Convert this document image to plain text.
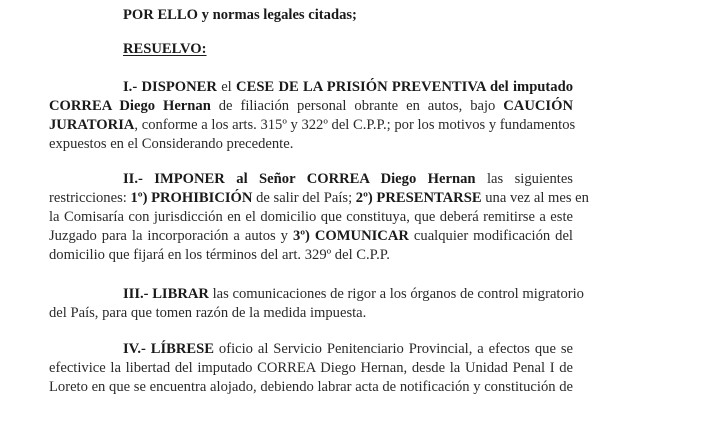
POR ELLO y normas legales citadas;
RESUELVO:
I.- DISPONER el CESE DE LA PRISIÓN PREVENTIVA del imputado
CORREA Diego Hernan de filiación personal obrante en autos, bajo CAUCIÓN
JURATORIA, conforme a los arts. 315º y 322º del C.P.P.; por los motivos y fundamentos
expuestos en el Considerando precedente.
II.- IMPONER al Señor CORREA Diego Hernan las siguientes
restricciones: 1º) PROHIBICIÓN de salir del País; 2º) PRESENTARSE una vez al mes en
la Comisaría con jurisdicción en el domicilio que constituya, que deberá remitirse a este
Juzgado para la incorporación a autos y 3º) COMUNICAR cualquier modificación del
domicilio que fijará en los términos del art. 329º del C.P.P.
III.- LIBRAR las comunicaciones de rigor a los órganos de control migratorio
del País, para que tomen razón de la medida impuesta.
IV.- LÍBRESE oficio al Servicio Penitenciario Provincial, a efectos que se
efectivice la libertad del imputado CORREA Diego Hernan, desde la Unidad Penal I de
Loreto en que se encuentra alojado, debiendo labrar acta de notificación y constitución de
